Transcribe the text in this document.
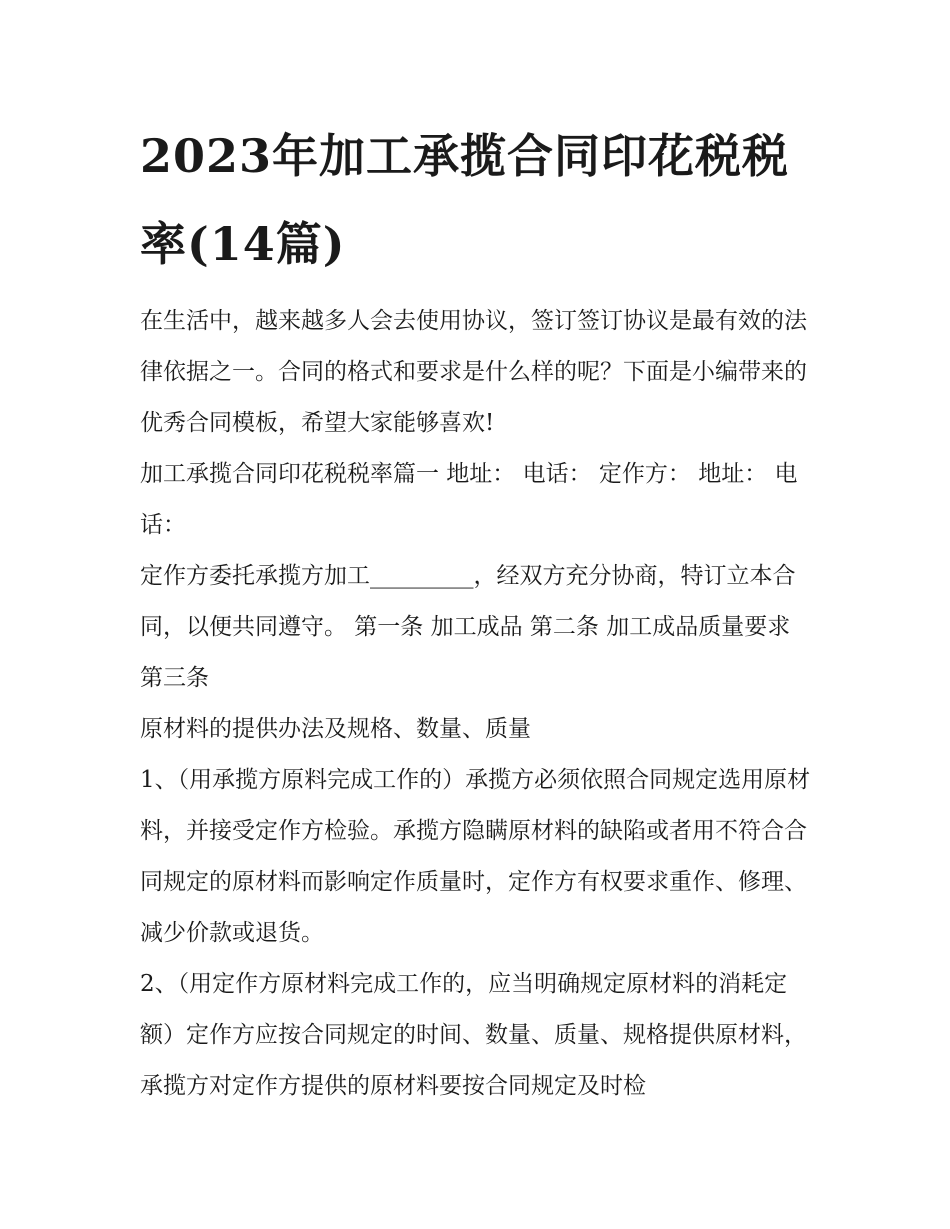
2023年加工承揽合同印花税税率(14篇)

在生活中，越来越多人会去使用协议，签订签订协议是最有效的法律依据之一。合同的格式和要求是什么样的呢？下面是小编带来的优秀合同模板，希望大家能够喜欢!

加工承揽合同印花税税率篇一 地址： 电话： 定作方： 地址： 电话：

定作方委托承揽方加工_________，经双方充分协商，特订立本合同，以便共同遵守。 第一条 加工成品 第二条 加工成品质量要求 第三条

原材料的提供办法及规格、数量、质量

1、（用承揽方原料完成工作的）承揽方必须依照合同规定选用原材料，并接受定作方检验。承揽方隐瞒原材料的缺陷或者用不符合合同规定的原材料而影响定作质量时，定作方有权要求重作、修理、减少价款或退货。

2、（用定作方原材料完成工作的，应当明确规定原材料的消耗定额）定作方应按合同规定的时间、数量、质量、规格提供原材料，承揽方对定作方提供的原材料要按合同规定及时检
